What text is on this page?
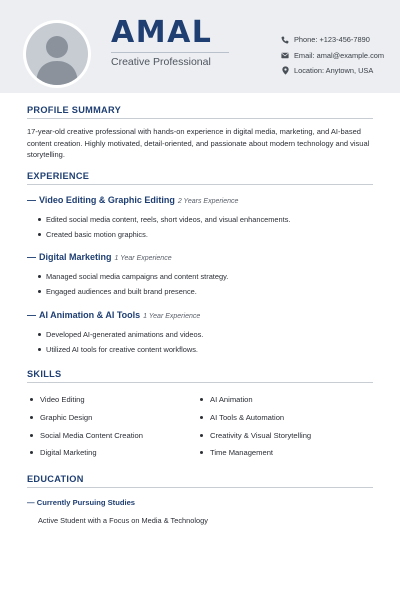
AMAL
Creative Professional
Phone: +123-456-7890
Email: amal@example.com
Location: Anytown, USA
PROFILE SUMMARY
17-year-old creative professional with hands-on experience in digital media, marketing, and AI-based content creation. Highly motivated, detail-oriented, and passionate about modern technology and visual storytelling.
EXPERIENCE
— Video Editing & Graphic Editing 2 Years Experience
Edited social media content, reels, short videos, and visual enhancements.
Created basic motion graphics.
— Digital Marketing 1 Year Experience
Managed social media campaigns and content strategy.
Engaged audiences and built brand presence.
— AI Animation & AI Tools 1 Year Experience
Developed AI-generated animations and videos.
Utilized AI tools for creative content workflows.
SKILLS
Video Editing
Graphic Design
Social Media Content Creation
Digital Marketing
AI Animation
AI Tools & Automation
Creativity & Visual Storytelling
Time Management
EDUCATION
— Currently Pursuing Studies
Active Student with a Focus on Media & Technology
